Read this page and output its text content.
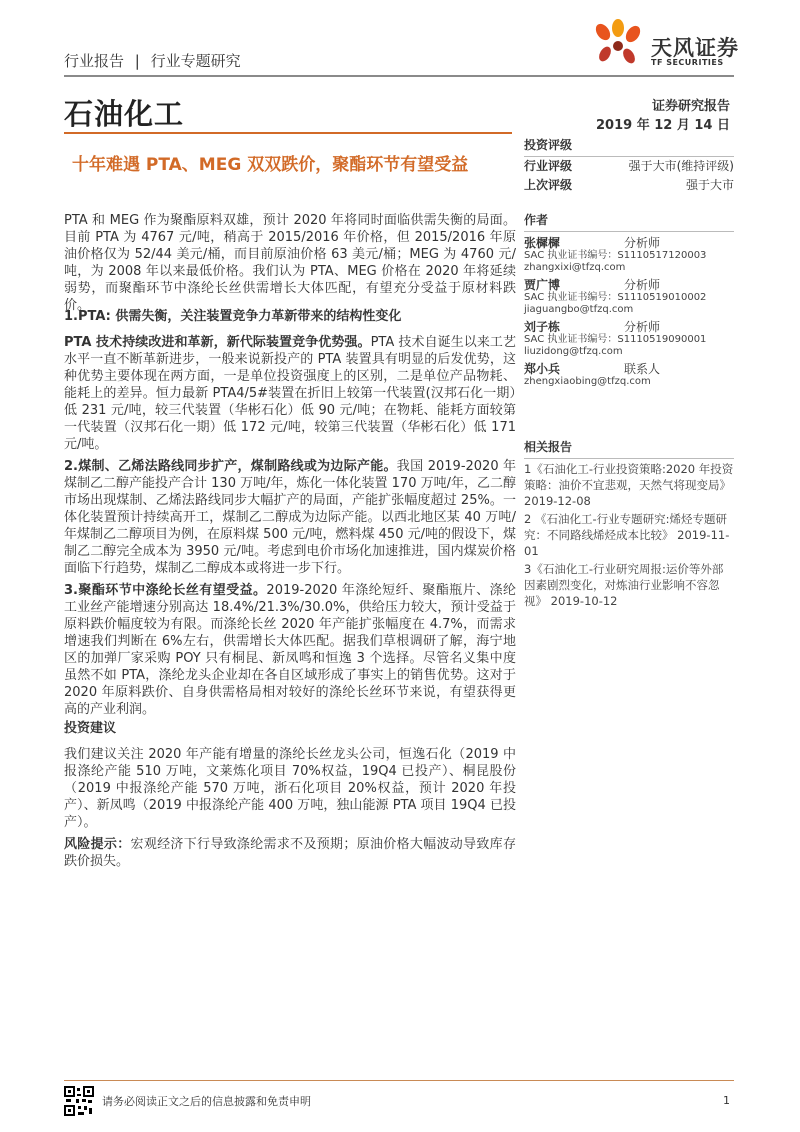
行业报告 | 行业专题研究
天风证券
TF SECURITIES
石油化工	证券研究报告
2019 年 12 月 14 日
十年难遇 PTA、MEG 双双跌价，聚酯环节有望受益
投资评级
行业评级	强于大市(维持评级)
上次评级	强于大市
作者
张樨樨	分析师
SAC 执业证书编号：S1110517120003
zhangxixi@tfzq.com
贾广博	分析师
SAC 执业证书编号：S1110519010002
jiaguangbo@tfzq.com
刘子栋	分析师
SAC 执业证书编号：S1110519090001
liuzidong@tfzq.com
郑小兵	联系人
zhengxiaobing@tfzq.com
相关报告
1《石油化工-行业投资策略:2020 年投资策略：油价不宜悲观，天然气将现变局》 2019-12-08
2 《石油化工-行业专题研究:烯烃专题研究：不同路线烯烃成本比较》 2019-11-01
3《石油化工-行业研究周报:运价等外部因素剧烈变化，对炼油行业影响不容忽视》 2019-10-12

PTA 和 MEG 作为聚酯原料双雄，预计 2020 年将同时面临供需失衡的局面。目前 PTA 为 4767 元/吨，稍高于 2015/2016 年价格，但 2015/2016 年原油价格仅为 52/44 美元/桶，而目前原油价格 63 美元/桶；MEG 为 4760 元/吨，为 2008 年以来最低价格。我们认为 PTA、MEG 价格在 2020 年将延续弱势，而聚酯环节中涤纶长丝供需增长大体匹配，有望充分受益于原材料跌价。

1.PTA: 供需失衡，关注装置竞争力革新带来的结构性变化

PTA 技术持续改进和革新，新代际装置竞争优势强。PTA 技术自诞生以来工艺水平一直不断革新进步，一般来说新投产的 PTA 装置具有明显的后发优势，这种优势主要体现在两方面，一是单位投资强度上的区别，二是单位产品物耗、能耗上的差异。恒力最新 PTA4/5#装置在折旧上较第一代装置(汉邦石化一期）低 231 元/吨，较三代装置（华彬石化）低 90 元/吨；在物耗、能耗方面较第一代装置（汉邦石化一期）低 172 元/吨，较第三代装置（华彬石化）低 171 元/吨。

2.煤制、乙烯法路线同步扩产，煤制路线或为边际产能。我国 2019-2020 年煤制乙二醇产能投产合计 130 万吨/年，炼化一体化装置 170 万吨/年，乙二醇市场出现煤制、乙烯法路线同步大幅扩产的局面，产能扩张幅度超过 25%。一体化装置预计持续高开工，煤制乙二醇成为边际产能。以西北地区某 40 万吨/年煤制乙二醇项目为例，在原料煤 500 元/吨，燃料煤 450 元/吨的假设下，煤制乙二醇完全成本为 3950 元/吨。考虑到电价市场化加速推进，国内煤炭价格面临下行趋势，煤制乙二醇成本或将进一步下行。

3.聚酯环节中涤纶长丝有望受益。2019-2020 年涤纶短纤、聚酯瓶片、涤纶工业丝产能增速分别高达 18.4%/21.3%/30.0%，供给压力较大，预计受益于原料跌价幅度较为有限。而涤纶长丝 2020 年产能扩张幅度在 4.7%，而需求增速我们判断在 6%左右，供需增长大体匹配。据我们草根调研了解，海宁地区的加弹厂家采购 POY 只有桐昆、新凤鸣和恒逸 3 个选择。尽管名义集中度虽然不如 PTA，涤纶龙头企业却在各自区域形成了事实上的销售优势。这对于 2020 年原料跌价、自身供需格局相对较好的涤纶长丝环节来说，有望获得更高的产业利润。

投资建议

我们建议关注 2020 年产能有增量的涤纶长丝龙头公司，恒逸石化（2019 中报涤纶产能 510 万吨，文莱炼化项目 70%权益，19Q4 已投产）、桐昆股份（2019 中报涤纶产能 570 万吨，浙石化项目 20%权益，预计 2020 年投产）、新凤鸣（2019 中报涤纶产能 400 万吨，独山能源 PTA 项目 19Q4 已投产）。

风险提示：宏观经济下行导致涤纶需求不及预期；原油价格大幅波动导致库存跌价损失。

请务必阅读正文之后的信息披露和免责申明	1
